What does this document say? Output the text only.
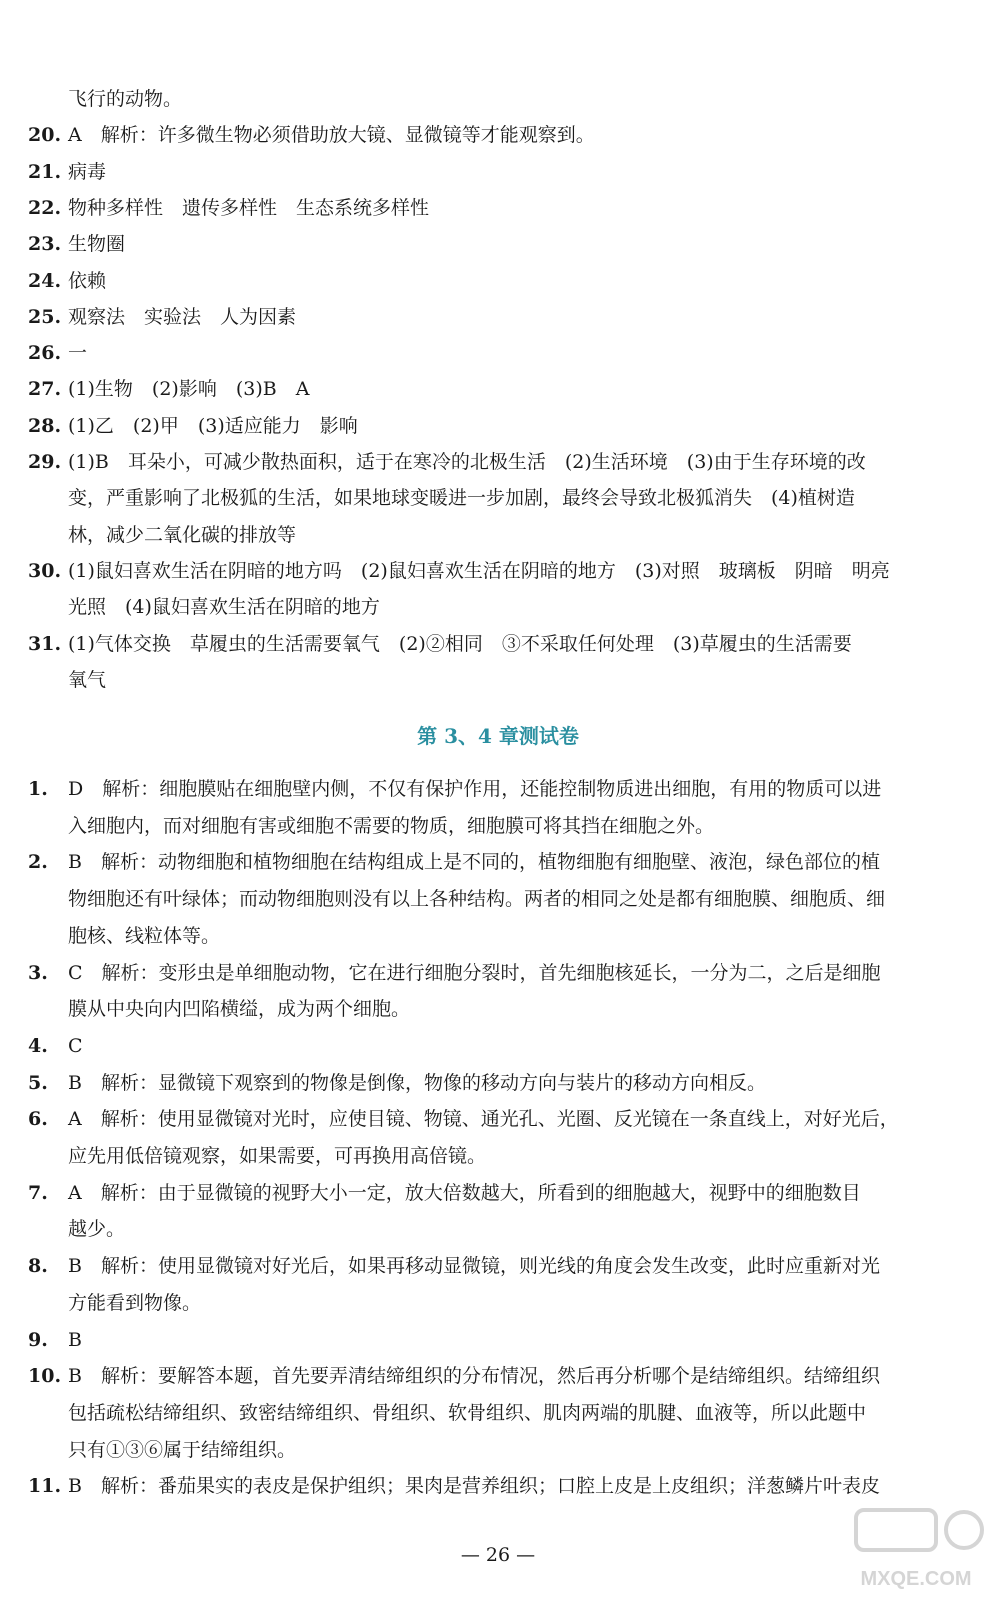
飞行的动物。
20. A　解析：许多微生物必须借助放大镜、显微镜等才能观察到。
21. 病毒
22. 物种多样性　遗传多样性　生态系统多样性
23. 生物圈
24. 依赖
25. 观察法　实验法　人为因素
26. 一
27. (1)生物　(2)影响　(3)B　A
28. (1)乙　(2)甲　(3)适应能力　影响
29. (1)B　耳朵小，可减少散热面积，适于在寒冷的北极生活　(2)生活环境　(3)由于生存环境的改
变，严重影响了北极狐的生活，如果地球变暖进一步加剧，最终会导致北极狐消失　(4)植树造
林，减少二氧化碳的排放等
30. (1)鼠妇喜欢生活在阴暗的地方吗　(2)鼠妇喜欢生活在阴暗的地方　(3)对照　玻璃板　阴暗　明亮
光照　(4)鼠妇喜欢生活在阴暗的地方
31. (1)气体交换　草履虫的生活需要氧气　(2)②相同　③不采取任何处理　(3)草履虫的生活需要
氧气
第 3、4 章测试卷
1. D　解析：细胞膜贴在细胞壁内侧，不仅有保护作用，还能控制物质进出细胞，有用的物质可以进
入细胞内，而对细胞有害或细胞不需要的物质，细胞膜可将其挡在细胞之外。
2. B　解析：动物细胞和植物细胞在结构组成上是不同的，植物细胞有细胞壁、液泡，绿色部位的植
物细胞还有叶绿体；而动物细胞则没有以上各种结构。两者的相同之处是都有细胞膜、细胞质、细
胞核、线粒体等。
3. C　解析：变形虫是单细胞动物，它在进行细胞分裂时，首先细胞核延长，一分为二，之后是细胞
膜从中央向内凹陷横缢，成为两个细胞。
4. C
5. B　解析：显微镜下观察到的物像是倒像，物像的移动方向与装片的移动方向相反。
6. A　解析：使用显微镜对光时，应使目镜、物镜、通光孔、光圈、反光镜在一条直线上，对好光后，
应先用低倍镜观察，如果需要，可再换用高倍镜。
7. A　解析：由于显微镜的视野大小一定，放大倍数越大，所看到的细胞越大，视野中的细胞数目
越少。
8. B　解析：使用显微镜对好光后，如果再移动显微镜，则光线的角度会发生改变，此时应重新对光
方能看到物像。
9. B
10. B　解析：要解答本题，首先要弄清结缔组织的分布情况，然后再分析哪个是结缔组织。结缔组织
包括疏松结缔组织、致密结缔组织、骨组织、软骨组织、肌肉两端的肌腱、血液等，所以此题中
只有①③⑥属于结缔组织。
11. B　解析：番茄果实的表皮是保护组织；果肉是营养组织；口腔上皮是上皮组织；洋葱鳞片叶表皮
— 26 —
MXQE.COM
